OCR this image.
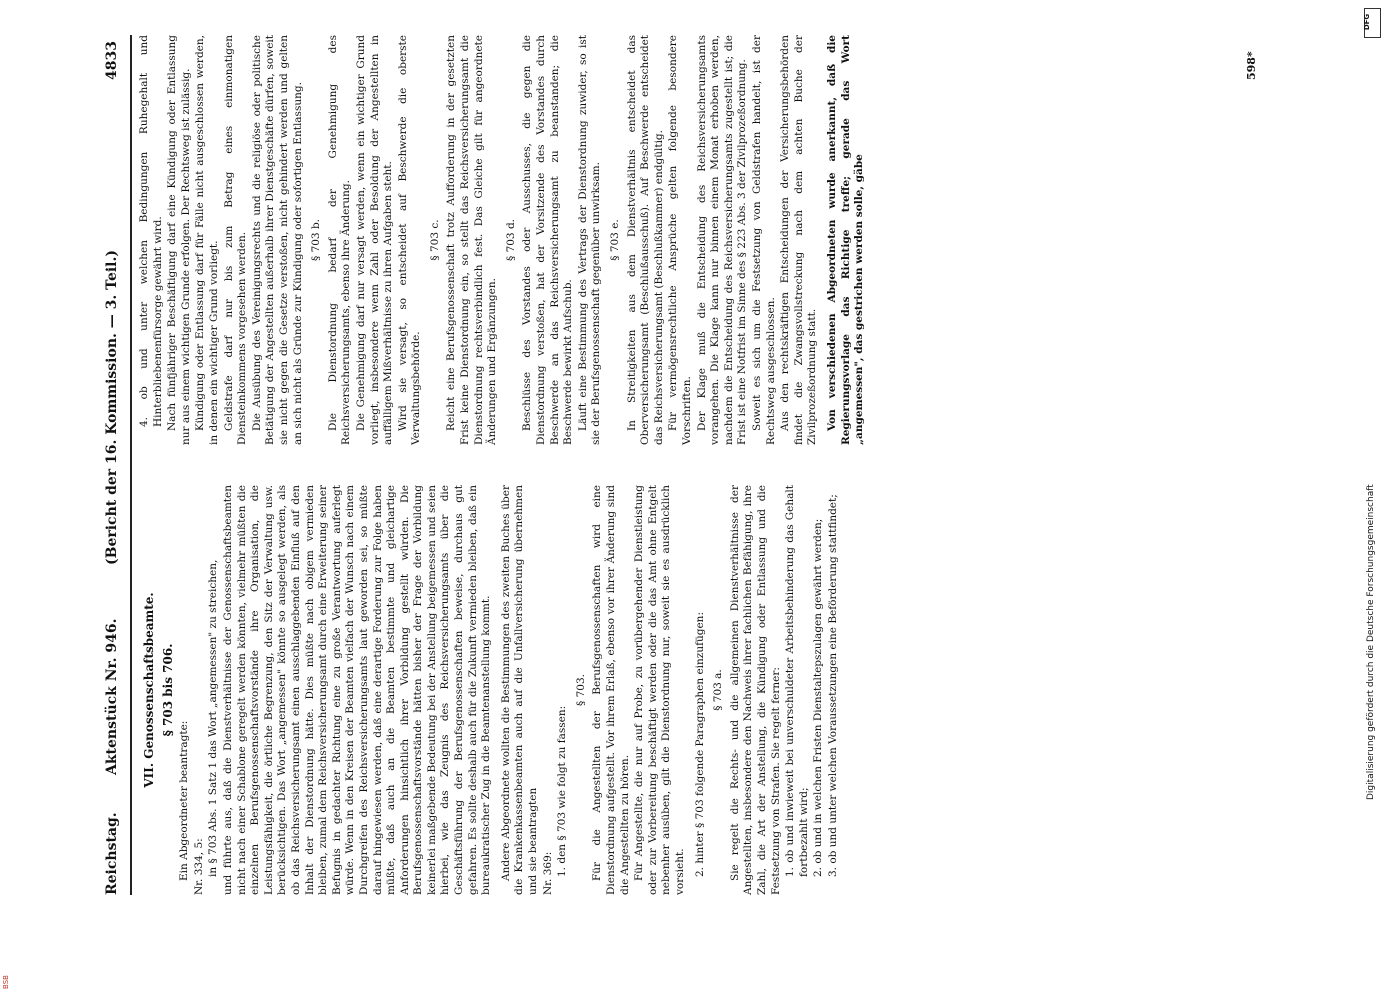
Reichstag.
Aktenstück Nr. 946.
(Bericht der 16. Kommission. — 3. Teil.)
4833

VII. Genossenschaftsbeamte. § 703 bis 706.

Ein Abgeordneter beantragte: Nr. 334, 5: in § 703 Abs. 1 Satz 1 das Wort „angemessen" zu streichen, und führte aus, daß die Dienstverhältnisse der Genossenschaftsbeamten nicht nach einer Schablone geregelt werden könnten, vielmehr müßten die einzelnen Berufsgenossenschaftsvorstände ihre Organisation, die Leistungsfähigkeit, die örtliche Begrenzung, den Sitz der Verwaltung usw. berücksichtigen. Das Wort „angemessen" könnte so ausgelegt werden, als ob das Reichsversicherungsamt einen ausschlaggebenden Einfluß auf den Inhalt der Dienstordnung hätte. Dies müßte nach obigem vermieden bleiben, zumal dem Reichsversicherungsamt durch eine Erweiterung seiner Befugnis in gedachter Richtung eine zu große Verantwortung auferlegt würde. Wenn in den Kreisen der Beamten vielfach der Wunsch nach einem Durchgreifen des Reichsversicherungsamts laut geworden sei, so müßte darauf hingewiesen werden, daß eine derartige Forderung zur Folge haben müßte, daß auch an die Beamten bestimmte und gleichartige Anforderungen hinsichtlich ihrer Vorbildung gestellt würden. Die Berufsgenossenschaftsvorstände hätten bisher der Frage der Vorbildung keinerlei maßgebende Bedeutung bei der Anstellung beigemessen und seien hierbei, wie das Zeugnis des Reichsversicherungsamts über die Geschäftsführung der Berufsgenossenschaften beweise, durchaus gut gefahren. Es sollte deshalb auch für die Zukunft vermieden bleiben, daß ein bureaukratischer Zug in die Beamtenanstellung kommt. Andere Abgeordnete wollten die Bestimmungen des zweiten Buches über die Krankenkassenbeamten auch auf die Unfallversicherung übernehmen und sie beantragten Nr. 369: 1. den § 703 wie folgt zu fassen:

§ 703. Für die Angestellten der Berufsgenossenschaften wird eine Dienstordnung aufgestellt. Vor ihrem Erlaß, ebenso vor ihrer Änderung sind die Angestellten zu hören. Für Angestellte, die nur auf Probe, zu vorübergehender Dienstleistung oder zur Vorbereitung beschäftigt werden oder die das Amt ohne Entgelt nebenher ausüben, gilt die Dienstordnung nur, soweit sie es ausdrücklich vorsieht. 2. hinter § 703 folgende Paragraphen einzufügen: § 703 a. Sie regelt die Rechts- und die allgemeinen Dienstverhältnisse der Angestellten, insbesondere den Nachweis ihrer fachlichen Befähigung, ihre Zahl, die Art der Anstellung, die Kündigung oder Entlassung und die Festsetzung von Strafen. Sie regelt ferner: 1. ob und inwieweit bei unverschuldeter Arbeitsbehinderung das Gehalt fortbezahlt wird; 2. ob und in welchen Fristen Dienstaltерszulagen gewährt werden; 3. ob und unter welchen Voraussetzungen eine Beförderung stattfindet;

4. ob und unter welchen Bedingungen Ruhegehalt und Hinterbliebenenfürsorge gewährt wird. Nach fünfjähriger Beschäftigung darf eine Kündigung oder Entlassung nur aus einem wichtigen Grunde erfolgen. Der Rechtsweg ist zulässig. Kündigung oder Entlassung darf für Fälle nicht ausgeschlossen werden, in denen ein wichtiger Grund vorliegt. Geldstrafe darf nur bis zum Betrag eines einmonatigen Diensteinkommens vorgesehen werden. Die Ausübung des Vereinigungsrechts und die religiöse oder politische Betätigung der Angestellten außerhalb ihrer Dienstgeschäfte dürfen, soweit sie nicht gegen die Gesetze verstoßen, nicht gehindert werden und gelten an sich nicht als Gründe zur Kündigung oder sofortigen Entlassung. § 703 b. Die Dienstordnung bedarf der Genehmigung des Reichsversicherungsamts, ebenso ihre Änderung. Die Genehmigung darf nur versagt werden, wenn ein wichtiger Grund vorliegt, insbesondere wenn Zahl oder Besoldung der Angestellten in auffälligem Mißverhältnisse zu ihren Aufgaben steht. Wird sie versagt, so entscheidet auf Beschwerde die oberste Verwaltungsbehörde.

§ 703 c. Reicht eine Berufsgenossenschaft trotz Aufforderung in der gesetzten Frist keine Dienstordnung ein, so stellt das Reichsversicherungsamt die Dienstordnung rechtsverbindlich fest. Das Gleiche gilt für angeordnete Änderungen und Ergänzungen.

§ 703 d. Beschlüsse des Vorstandes oder Ausschusses, die gegen die Dienstordnung verstoßen, hat der Vorsitzende des Vorstandes durch Beschwerde an das Reichsversicherungsamt zu beanstanden; die Beschwerde bewirkt Aufschub. Läuft eine Bestimmung des Vertrags der Dienstordnung zuwider, so ist sie der Berufsgenossenschaft gegenüber unwirksam. § 703 e. In Streitigkeiten aus dem Dienstverhältnis entscheidet das Oberversicherungsamt (Beschlußausschuß). Auf Beschwerde entscheidet das Reichsversicherungsamt (Beschlußkammer) endgültig. Für vermögensrechtliche Ansprüche gelten folgende besondere Vorschriften. Der Klage muß die Entscheidung des Reichsversicherungsamts vorangehen. Die Klage kann nur binnen einem Monat erhoben werden, nachdem die Entscheidung des Reichsversicherungsamts zugestellt ist; die Frist ist eine Notfrist im Sinne des § 223 Abs. 3 der Zivilprozeßordnung. Soweit es sich um die Festsetzung von Geldstrafen handelt, ist der Rechtsweg ausgeschlossen. Aus den rechtskräftigen Entscheidungen der Versicherungsbehörden findet die Zwangsvollstreckung nach dem achten Buche der Zivilprozeßordnung statt. Von verschiedenen Abgeordneten wurde anerkannt, daß die Regierungsvorlage das Richtige treffe; gerade das Wort „angemessen", das gestrichen werden solle, gäbe

598*
Digitalisierung gefördert durch die Deutsche Forschungsgemeinschaft
DFG
BSB
